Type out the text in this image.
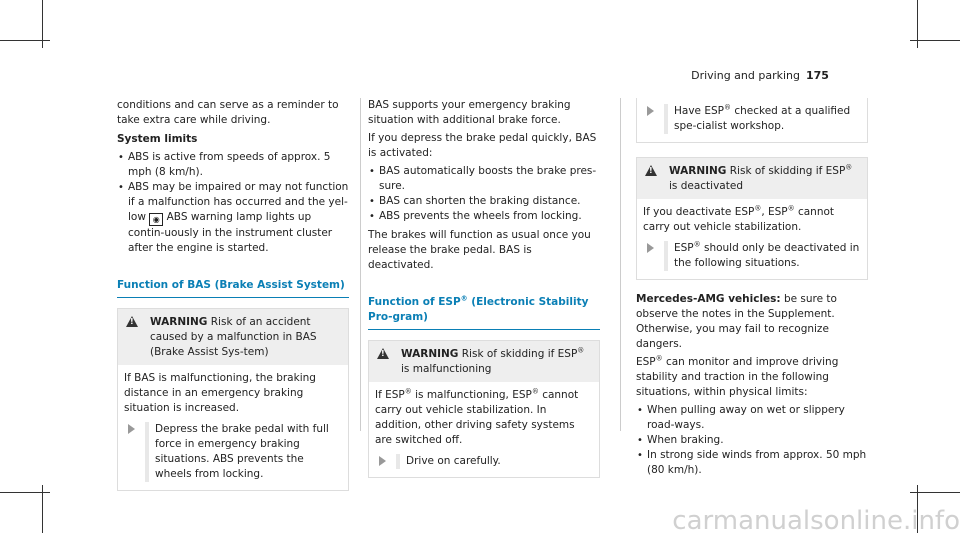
Driving and parking 175

conditions and can serve as a reminder to take extra care while driving.

System limits

• ABS is active from speeds of approx. 5 mph (8 km/h).
• ABS may be impaired or may not function if a malfunction has occurred and the yel- low ◉ ABS warning lamp lights up contin-uously in the instrument cluster after the engine is started.
Function of BAS (Brake Assist System)
!
WARNING Risk of an accident caused by a malfunction in BAS (Brake Assist Sys-tem)

If BAS is malfunctioning, the braking distance in an emergency braking situation is increased.

Depress the brake pedal with full force in emergency braking situations. ABS prevents the wheels from locking.

BAS supports your emergency braking situation with additional brake force.

If you depress the brake pedal quickly, BAS is activated:

• BAS automatically boosts the brake pres-sure.
• BAS can shorten the braking distance.
• ABS prevents the wheels from locking.

The brakes will function as usual once you release the brake pedal. BAS is deactivated.

Function of ESP® (Electronic Stability Pro-gram)
!
WARNING Risk of skidding if ESP® is malfunctioning

If ESP® is malfunctioning, ESP® cannot carry out vehicle stabilization. In addition, other driving safety systems are switched off.

Drive on carefully.
Have ESP® checked at a qualified spe-cialist workshop.
!
WARNING Risk of skidding if ESP® is deactivated

If you deactivate ESP®, ESP® cannot carry out vehicle stabilization.

ESP® should only be deactivated in the following situations.

Mercedes-AMG vehicles: be sure to observe the notes in the Supplement. Otherwise, you may fail to recognize dangers.

ESP® can monitor and improve driving stability and traction in the following situations, within physical limits:

• When pulling away on wet or slippery road-ways.
• When braking.
• In strong side winds from approx. 50 mph (80 km/h).
carmanualsonline.info
